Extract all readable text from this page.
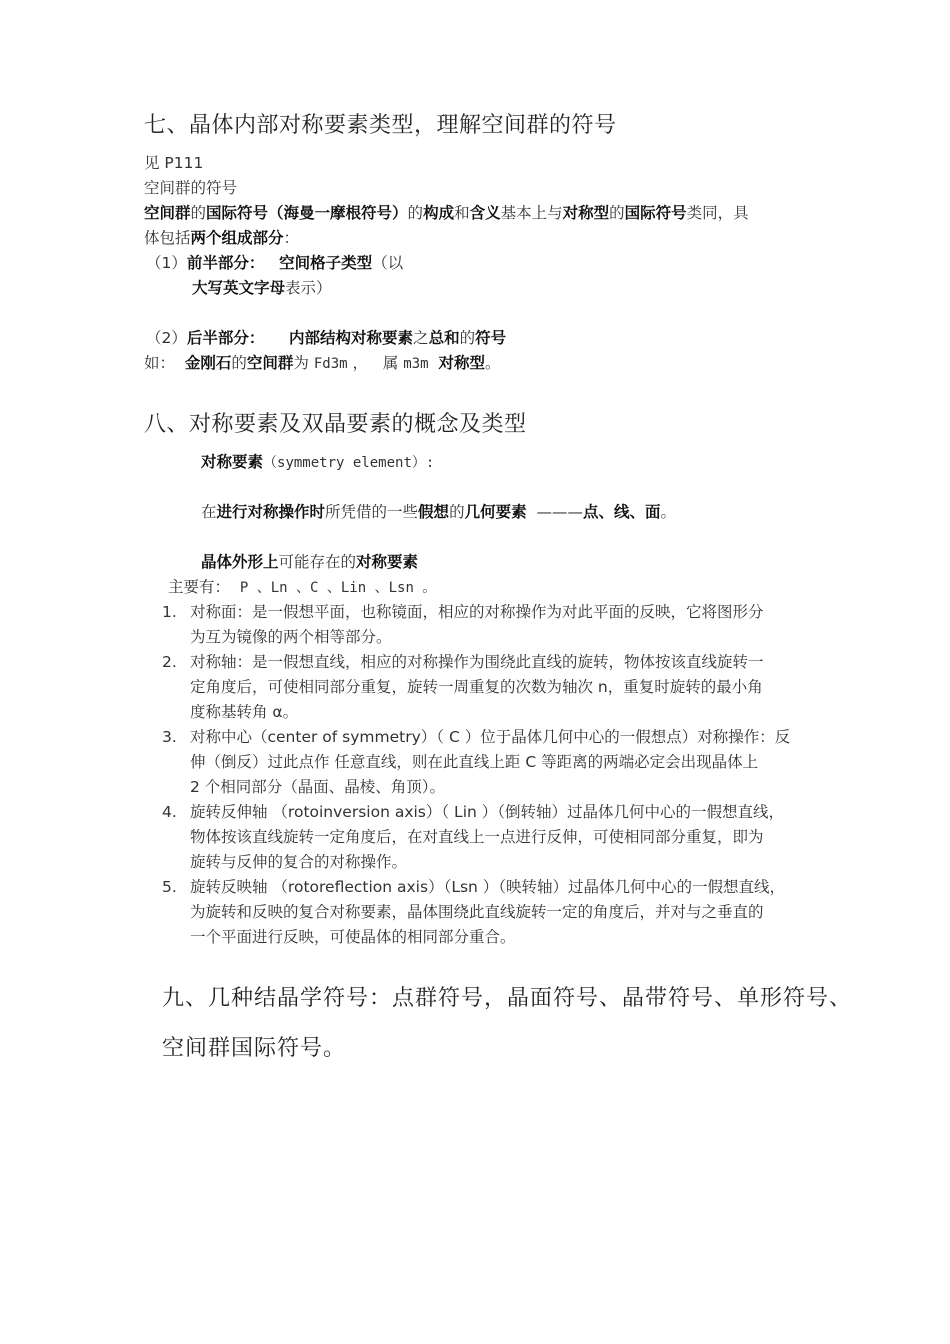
七、晶体内部对称要素类型，理解空间群的符号
见 P111
空间群的符号
空间群的国际符号（海曼一摩根符号）的构成和含义基本上与对称型的国际符号类同，具
体包括两个组成部分：
（1）前半部分： 空间格子类型（以
大写英文字母表示）
（2）后半部分： 内部结构对称要素之总和的符号
如： 金刚石的空间群为 Fd3m ， 属 m3m 对称型。
八、对称要素及双晶要素的概念及类型
对称要素（symmetry element）:
在进行对称操作时所凭借的一些假想的几何要素 ———点、线、面。
晶体外形上可能存在的对称要素
主要有： P 、Ln 、C 、Lin 、Lsn 。
1. 对称面：是一假想平面，也称镜面，相应的对称操作为对此平面的反映，它将图形分
为互为镜像的两个相等部分。
2. 对称轴：是一假想直线，相应的对称操作为围绕此直线的旋转，物体按该直线旋转一
定角度后，可使相同部分重复，旋转一周重复的次数为轴次 n，重复时旋转的最小角
度称基转角 α。
3. 对称中心（center of symmetry）（ C ）位于晶体几何中心的一假想点）对称操作：反
伸（倒反）过此点作 任意直线，则在此直线上距 C 等距离的两端必定会出现晶体上
2 个相同部分（晶面、晶棱、角顶）。
4. 旋转反伸轴 （rotoinversion axis）（ Lin ）（倒转轴）过晶体几何中心的一假想直线，
物体按该直线旋转一定角度后，在对直线上一点进行反伸，可使相同部分重复，即为
旋转与反伸的复合的对称操作。
5. 旋转反映轴 （rotoreflection axis）（Lsn ）（映转轴）过晶体几何中心的一假想直线，
为旋转和反映的复合对称要素，晶体围绕此直线旋转一定的角度后，并对与之垂直的
一个平面进行反映，可使晶体的相同部分重合。
九、几种结晶学符号：点群符号，晶面符号、晶带符号、单形符号、
空间群国际符号。
